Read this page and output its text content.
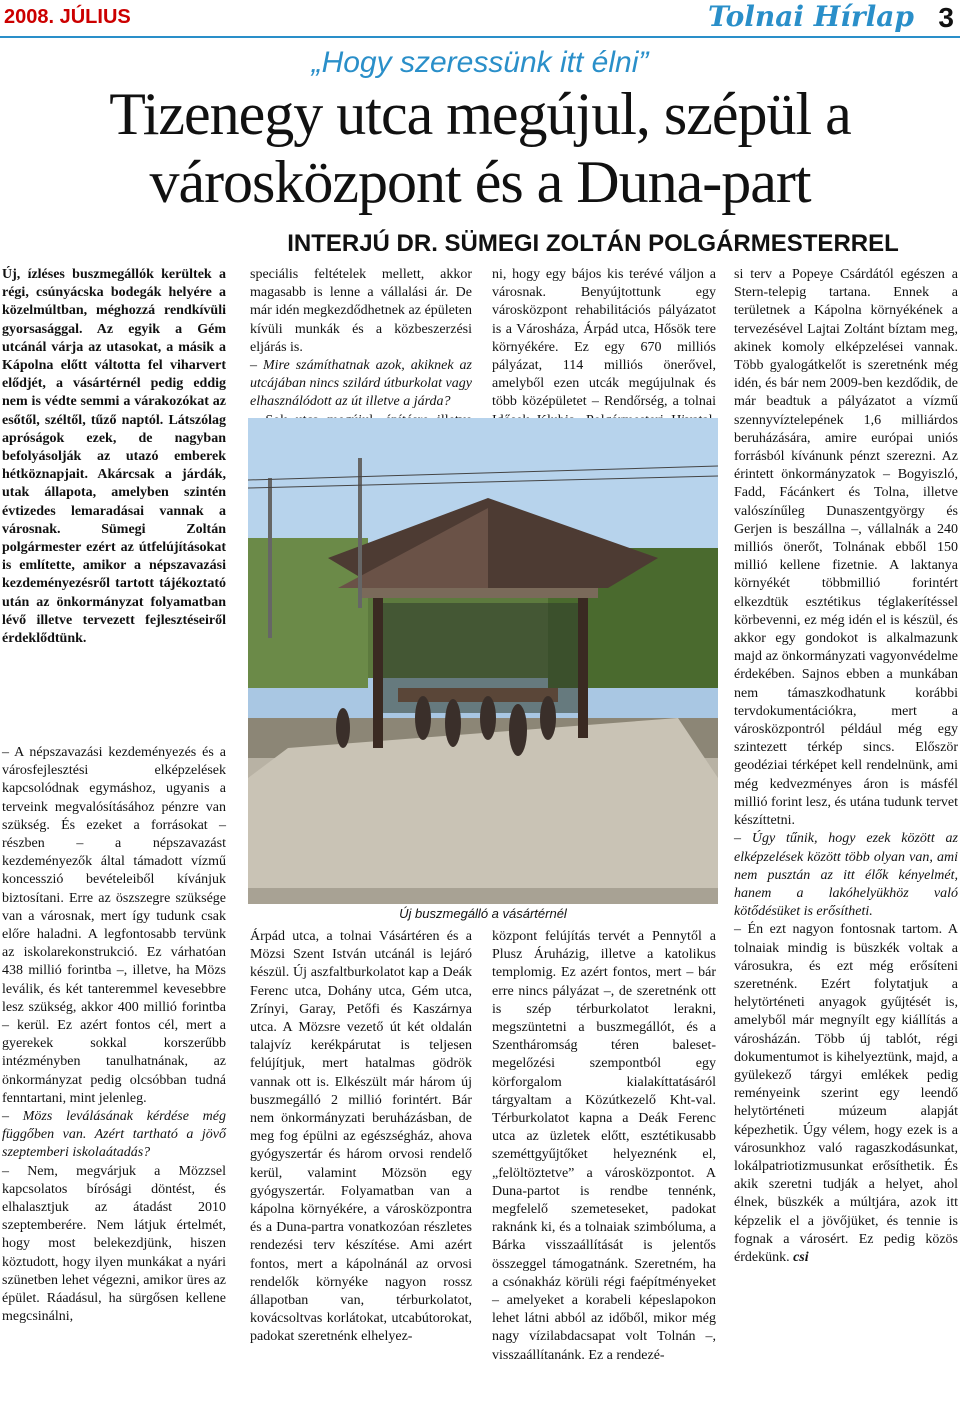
2008. JÚLIUS	Tolnai Hírlap 3
„Hogy szeressünk itt élni”
Tizenegy utca megújul, szépül a városközpont és a Duna-part
INTERJÚ DR. SÜMEGI ZOLTÁN POLGÁRMESTERREL
Új, ízléses buszmegállók kerültek a régi, csúnyácska bodegák helyére a közelmúltban, méghozzá rendkívüli gyorsasággal. Az egyik a Gém utcánál várja az utasokat, a másik a Kápolna előtt váltotta fel viharvert elődjét, a vásártérnél pedig eddig nem is védte semmi a várakozókat az esőtől, széltől, tűző naptól. Látszólag apróságok ezek, de nagyban befolyásolják az utazó emberek hétköznapjait. Akárcsak a járdák, utak állapota, amelyben szintén évtizedes lemaradásai vannak a városnak. Sümegi Zoltán polgármester ezért az útfelújításokat is említette, amikor a népszavazási kezdeményezésről tartott tájékoztató után az önkormányzat folyamatban lévő illetve tervezett fejlesztéseiről érdeklődtünk.

– A népszavazási kezdeményezés és a városfejlesztési elképzelések kapcsolódnak egymáshoz, ugyanis a terveink megvalósításához pénzre van szükség. És ezeket a forrásokat – részben – a népszavazást kezdeményezők által támadott vízmű koncesszió bevételeiből kívánjuk biztosítani. Erre az öszszegre szüksége van a városnak, mert így tudunk csak előre haladni. A legfontosabb tervünk az iskolarekonstrukció. Ez várhatóan 438 millió forintba –, illetve, ha Mözs leválik, és két tanteremmel kevesebbre lesz szükség, akkor 400 millió forintba – kerül. Ez azért fontos cél, mert a gyerekek sokkal korszerűbb intézményben tanulhatnának, az önkormányzat pedig olcsóbban tudná fenntartani, mint jelenleg.

– Mözs leválásának kérdése még függőben van. Azért tartható a jövő szeptemberi iskolaátadás?

– Nem, megvárjuk a Mözzsel kapcsolatos bírósági döntést, és elhalasztjuk az átadást 2010 szeptemberére. Nem látjuk értelmét, hogy most belekezdjünk, hiszen köztudott, hogy ilyen munkákat a nyári szünetben lehet végezni, amikor üres az épület. Ráadásul, ha sürgősen kellene megcsinálni,

speciális feltételek mellett, akkor magasabb is lenne a vállalási ár. De már idén megkezdődhetnek az épületen kívüli munkák és a közbeszerzési eljárás is.

– Mire számíthatnak azok, akiknek az utcájában nincs szilárd útburkolat vagy elhasználódott az út illetve a járda?

ni, hogy egy bájos kis terévé váljon a városnak. Benyújtottunk egy városközpont rehabilitációs pályázatot is a Városháza, Árpád utca, Hősök tere környékére. Ez egy 670 milliós pályázat, 114 milliós önerővel, amelyből ezen utcák megújulnak és több középületet – Rendőrség, a tolnai

si terv a Popeye Csárdától egészen a Stern-telepig tartana. Ennek a területnek a Kápolna környékének a tervezésével Lajtai Zoltánt bíztam meg, akinek komoly elképzelései vannak. Több gyalogátkelőt is szeretnénk még idén, és bár nem 2009-ben kezdődik, de már beadtuk a pályázatot a vízmű szennyvíztelepének 1,6 milliárdos beruházására, amire európai uniós forrásból kívánunk pénzt szerezni. Az érintett önkormányzatok – Bogyiszló, Fadd, Fácánkert és Tolna, illetve valószínűleg Dunaszentgyörgy és Gerjen is beszállna –, vállalnák a 240 milliós önerőt, Tolnának ebből 150 millió kellene fizetnie. A laktanya környékét többmillió forintért elkezdtük esztétikus téglakerítéssel körbevenni, ez még idén el is készül, és akkor egy gondokot is alkalmazunk majd az önkormányzati vagyonvédelme érdekében. Sajnos ebben a munkában nem támaszkodhatunk korábbi tervdokumentációkra, mert a városközpontról például még egy szintezett térkép sincs. Először geodéziai térképet kell rendelnünk, ami még kedvezményes áron is másfél millió forint lesz, és utána tudunk tervet készíttetni.

– Úgy tűnik, hogy ezek között az elképzelések között több olyan van, ami nem pusztán az itt élők kényelmét, hanem a lakóhelyükhöz való kötődésüket is erősítheti.

– Én ezt nagyon fontosnak tartom. A tolnaiak mindig is büszkék voltak a városukra, és ezt még erősíteni szeretnénk. Ezért folytatjuk a helytörténeti anyagok gyűjtését is, amelyből már megnyílt egy kiállítás a városházán. Több új tablót, régi dokumentumot is kihelyeztünk, majd, a gyülekező tárgyi emlékek pedig reményeink szerint egy leendő helytörténeti múzeum alapját képezhetik. Úgy vélem, hogy ezek is a városunkhoz való ragaszkodásunkat, lokálpatriotizmusunkat erősíthetik. És akik szeretni tudják a helyet, ahol élnek, büszkék a múltjára, azok itt képzelik el a jövőjüket, és tennie is fognak a városért. Ez pedig közös érdekünk. csi

Új buszmegálló a vásártérnél
Árpád utca, a tolnai Vásártéren és a Mözsi Szent István utcánál is lejáró készül. Új aszfaltburkolatot kap a Deák Ferenc utca, Dohány utca, Gém utca, Zrínyi, Garay, Petőfi és Kaszárnya utca. A Mözsre vezető út két oldalán talajvíz kerékpárutat is teljesen felújítjuk, mert hatalmas gödrök vannak ott is. Elkészült már három új buszmegálló 2 millió forintért. Bár nem önkormányzati beruházásban, de meg fog épülni az egészségház, ahova gyógyszertár és három orvosi rendelő kerül, valamint Mözsön egy gyógyszertár. Folyamatban van a kápolna környékére, a városközpontra és a Duna-partra vonatkozóan részletes rendezési terv készítése. Ami azért fontos, mert a kápolnánál az orvosi rendelők környéke nagyon rossz állapotban van, térburkolatot, kovácsoltvas korlátokat, utcabútorokat, padokat szeretnénk elhelyez-
központ felújítás tervét a Pennytől a Plusz Áruházig, illetve a katolikus templomig. Ez azért fontos, mert – bár erre nincs pályázat –, de szeretnénk ott is szép térburkolatot lerakni, megszüntetni a buszmegállót, és a Szentháromság téren baleset-megelőzési szempontból egy körforgalom kialakíttatásáról tárgyaltam a Közútkezelő Kht-val. Térburkolatot kapna a Deák Ferenc utca az üzletek előtt, esztétikusabb szeméttgyűjtőket helyeznénk el, „felöltöztetve” a városközpontot. A Duna-partot is rendbe tennénk, megfelelő szemeteseket, padokat raknánk ki, és a tolnaiak szimbóluma, a Bárka visszaállítását is jelentős összeggel támogatnánk. Szeretném, ha a csónakház körüli régi faépítményeket – amelyeket a korabeli képeslapokon lehet látni abból az időből, mikor még nagy vízilabdacsapat volt Tolnán –, visszaállítanánk. Ez a rendezé-
